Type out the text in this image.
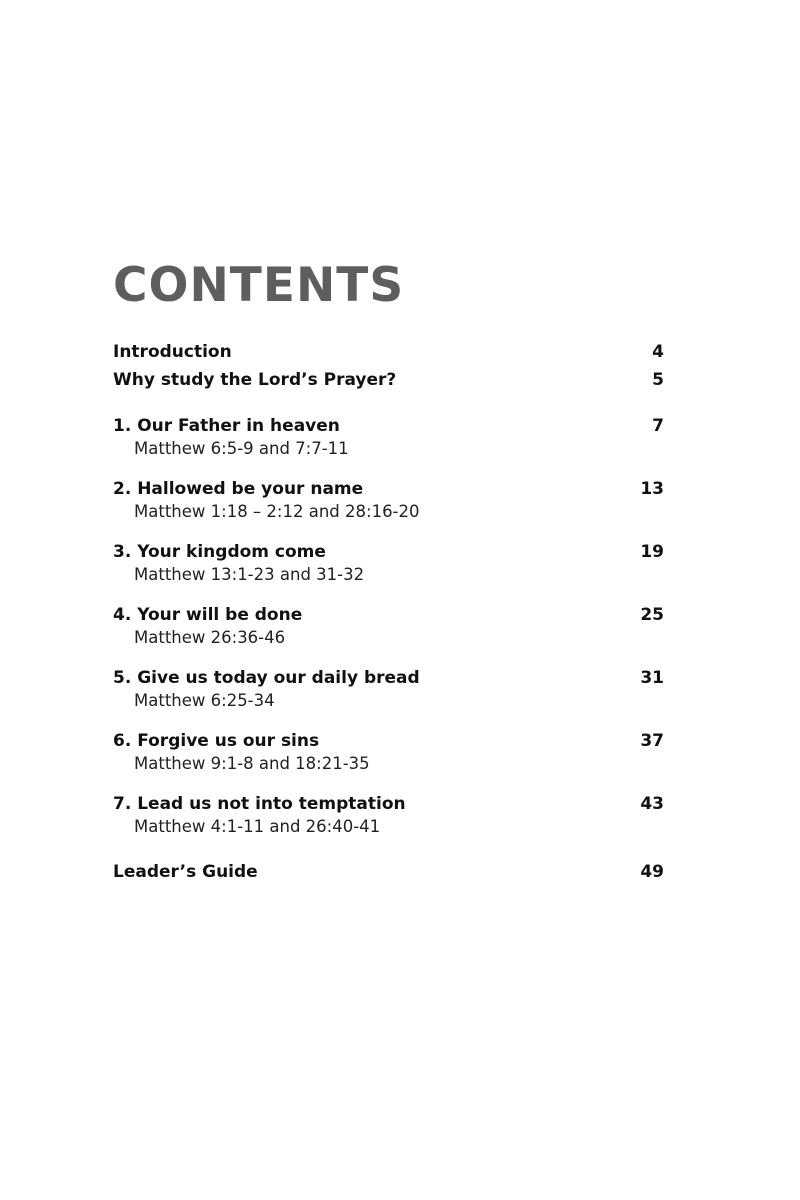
CONTENTS
Introduction	4
Why study the Lord’s Prayer?	5
1. Our Father in heaven	7
Matthew 6:5-9 and 7:7-11
2. Hallowed be your name	13
Matthew 1:18 – 2:12 and 28:16-20
3. Your kingdom come	19
Matthew 13:1-23 and 31-32
4. Your will be done	25
Matthew 26:36-46
5. Give us today our daily bread	31
Matthew 6:25-34
6. Forgive us our sins	37
Matthew 9:1-8 and 18:21-35
7. Lead us not into temptation	43
Matthew 4:1-11 and 26:40-41
Leader’s Guide	49
